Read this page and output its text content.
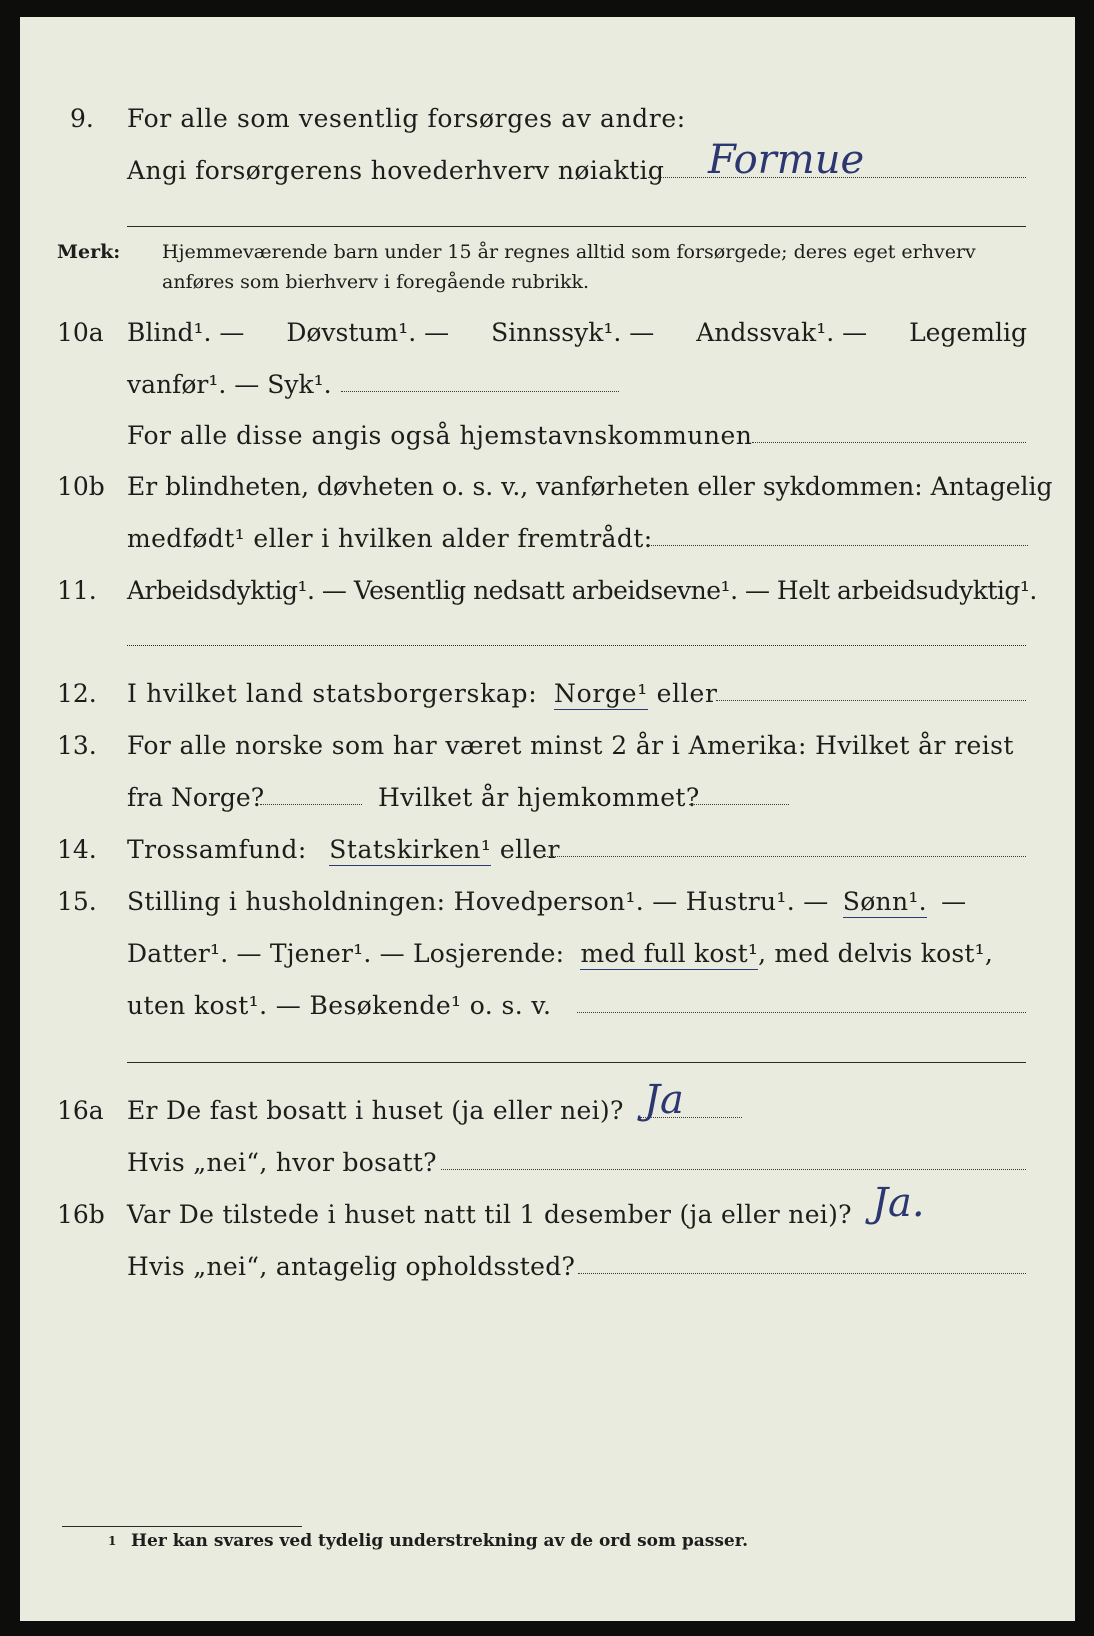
9. For alle som vesentlig forsørges av andre:
Angi forsørgerens hovederhverv nøiaktig Formue
Merk: Hjemmeværende barn under 15 år regnes alltid som forsørgede; deres eget erhverv
anføres som bierhverv i foregående rubrikk.
10a Blind¹. — Døvstum¹. — Sinnssyk¹. — Andssvak¹. — Legemlig
vanfør¹. — Syk¹.
For alle disse angis også hjemstavnskommunen
10b Er blindheten, døvheten o. s. v., vanførheten eller sykdommen: Antagelig
medfødt¹ eller i hvilken alder fremtrådt:
11. Arbeidsdyktig¹. — Vesentlig nedsatt arbeidsevne¹. — Helt arbeidsudyktig¹.
12. I hvilket land statsborgerskap: Norge¹ eller
13. For alle norske som har været minst 2 år i Amerika: Hvilket år reist
fra Norge?	Hvilket år hjemkommet?
14. Trossamfund: Statskirken¹ eller
15. Stilling i husholdningen: Hovedperson¹. — Hustru¹. — Sønn¹. —
Datter¹. — Tjener¹. — Losjerende: med full kost¹, med delvis kost¹,
uten kost¹. — Besøkende¹ o. s. v.
16a Er De fast bosatt i huset (ja eller nei)? Ja
Hvis „nei“, hvor bosatt?
16b Var De tilstede i huset natt til 1 desember (ja eller nei)? Ja.
Hvis „nei“, antagelig opholdssted?
1 Her kan svares ved tydelig understrekning av de ord som passer.
